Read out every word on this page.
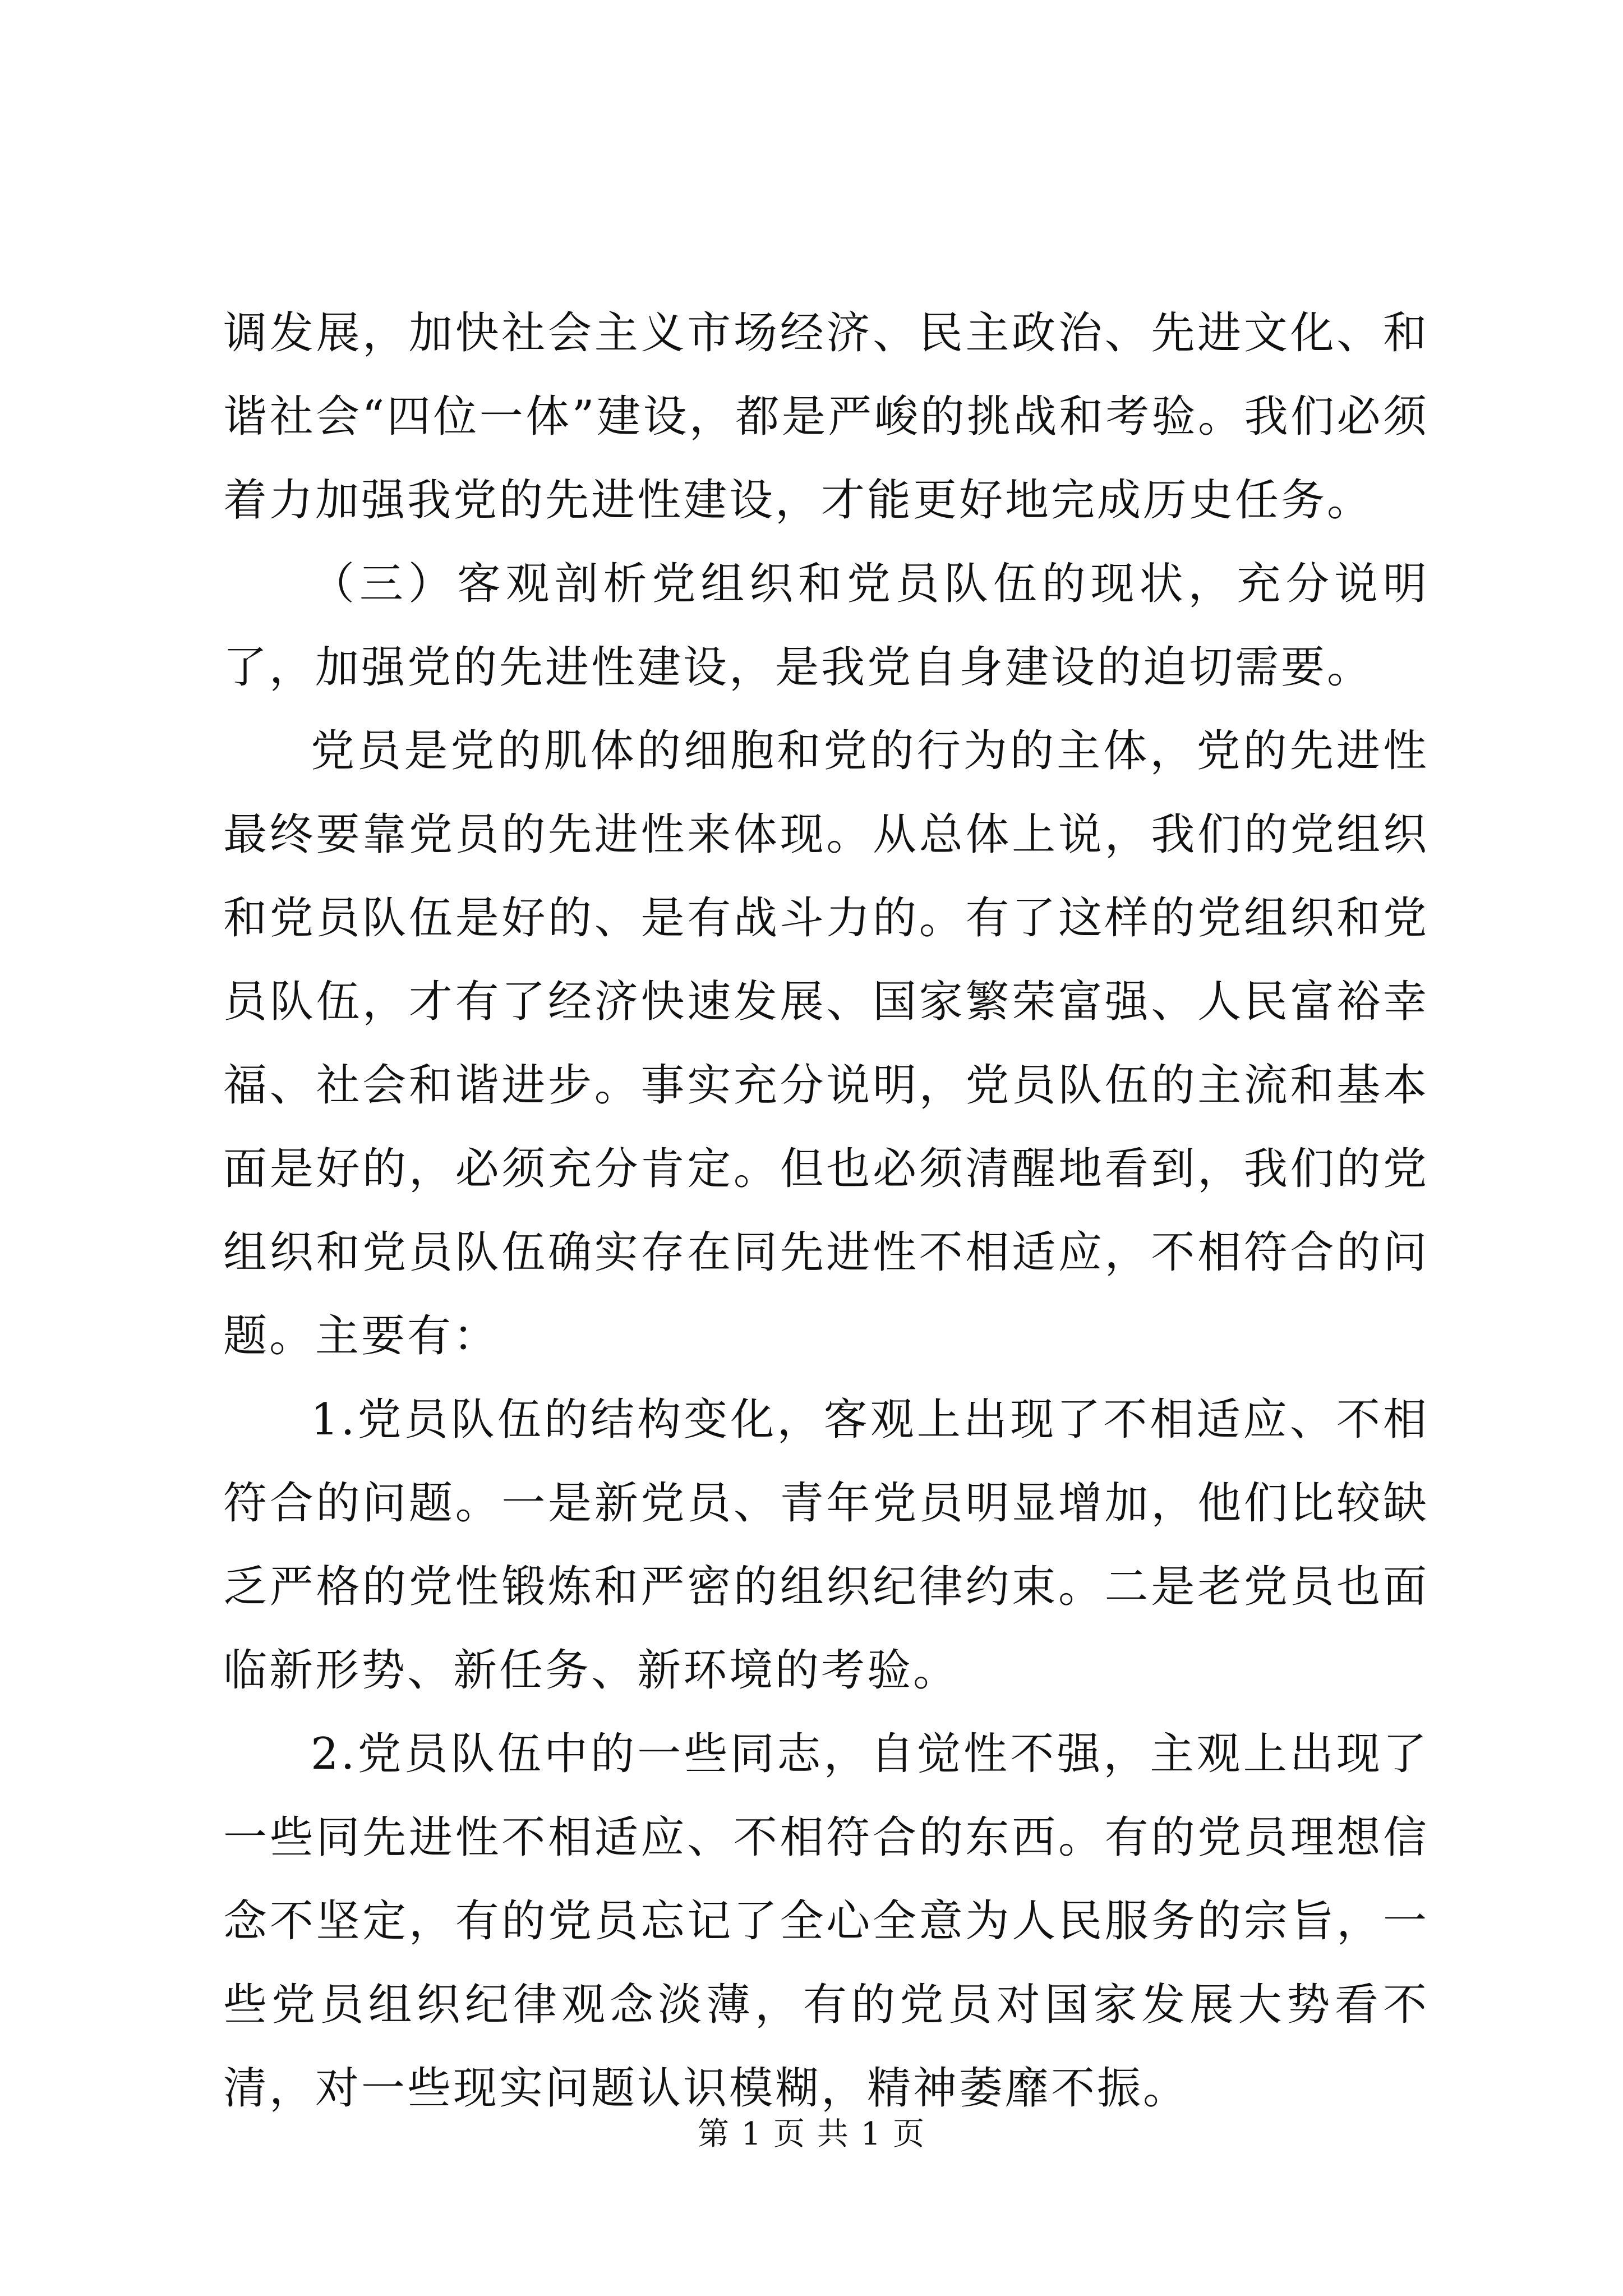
调发展，加快社会主义市场经济、民主政治、先进文化、和谐社会“四位一体”建设，都是严峻的挑战和考验。我们必须着力加强我党的先进性建设，才能更好地完成历史任务。

（三）客观剖析党组织和党员队伍的现状，充分说明了，加强党的先进性建设，是我党自身建设的迫切需要。

党员是党的肌体的细胞和党的行为的主体，党的先进性最终要靠党员的先进性来体现。从总体上说，我们的党组织和党员队伍是好的、是有战斗力的。有了这样的党组织和党员队伍，才有了经济快速发展、国家繁荣富强、人民富裕幸福、社会和谐进步。事实充分说明，党员队伍的主流和基本面是好的，必须充分肯定。但也必须清醒地看到，我们的党组织和党员队伍确实存在同先进性不相适应，不相符合的问题。主要有：

1.党员队伍的结构变化，客观上出现了不相适应、不相符合的问题。一是新党员、青年党员明显增加，他们比较缺乏严格的党性锻炼和严密的组织纪律约束。二是老党员也面临新形势、新任务、新环境的考验。

2.党员队伍中的一些同志，自觉性不强，主观上出现了一些同先进性不相适应、不相符合的东西。有的党员理想信念不坚定，有的党员忘记了全心全意为人民服务的宗旨，一些党员组织纪律观念淡薄，有的党员对国家发展大势看不清，对一些现实问题认识模糊，精神萎靡不振。

第 1 页 共 1 页
